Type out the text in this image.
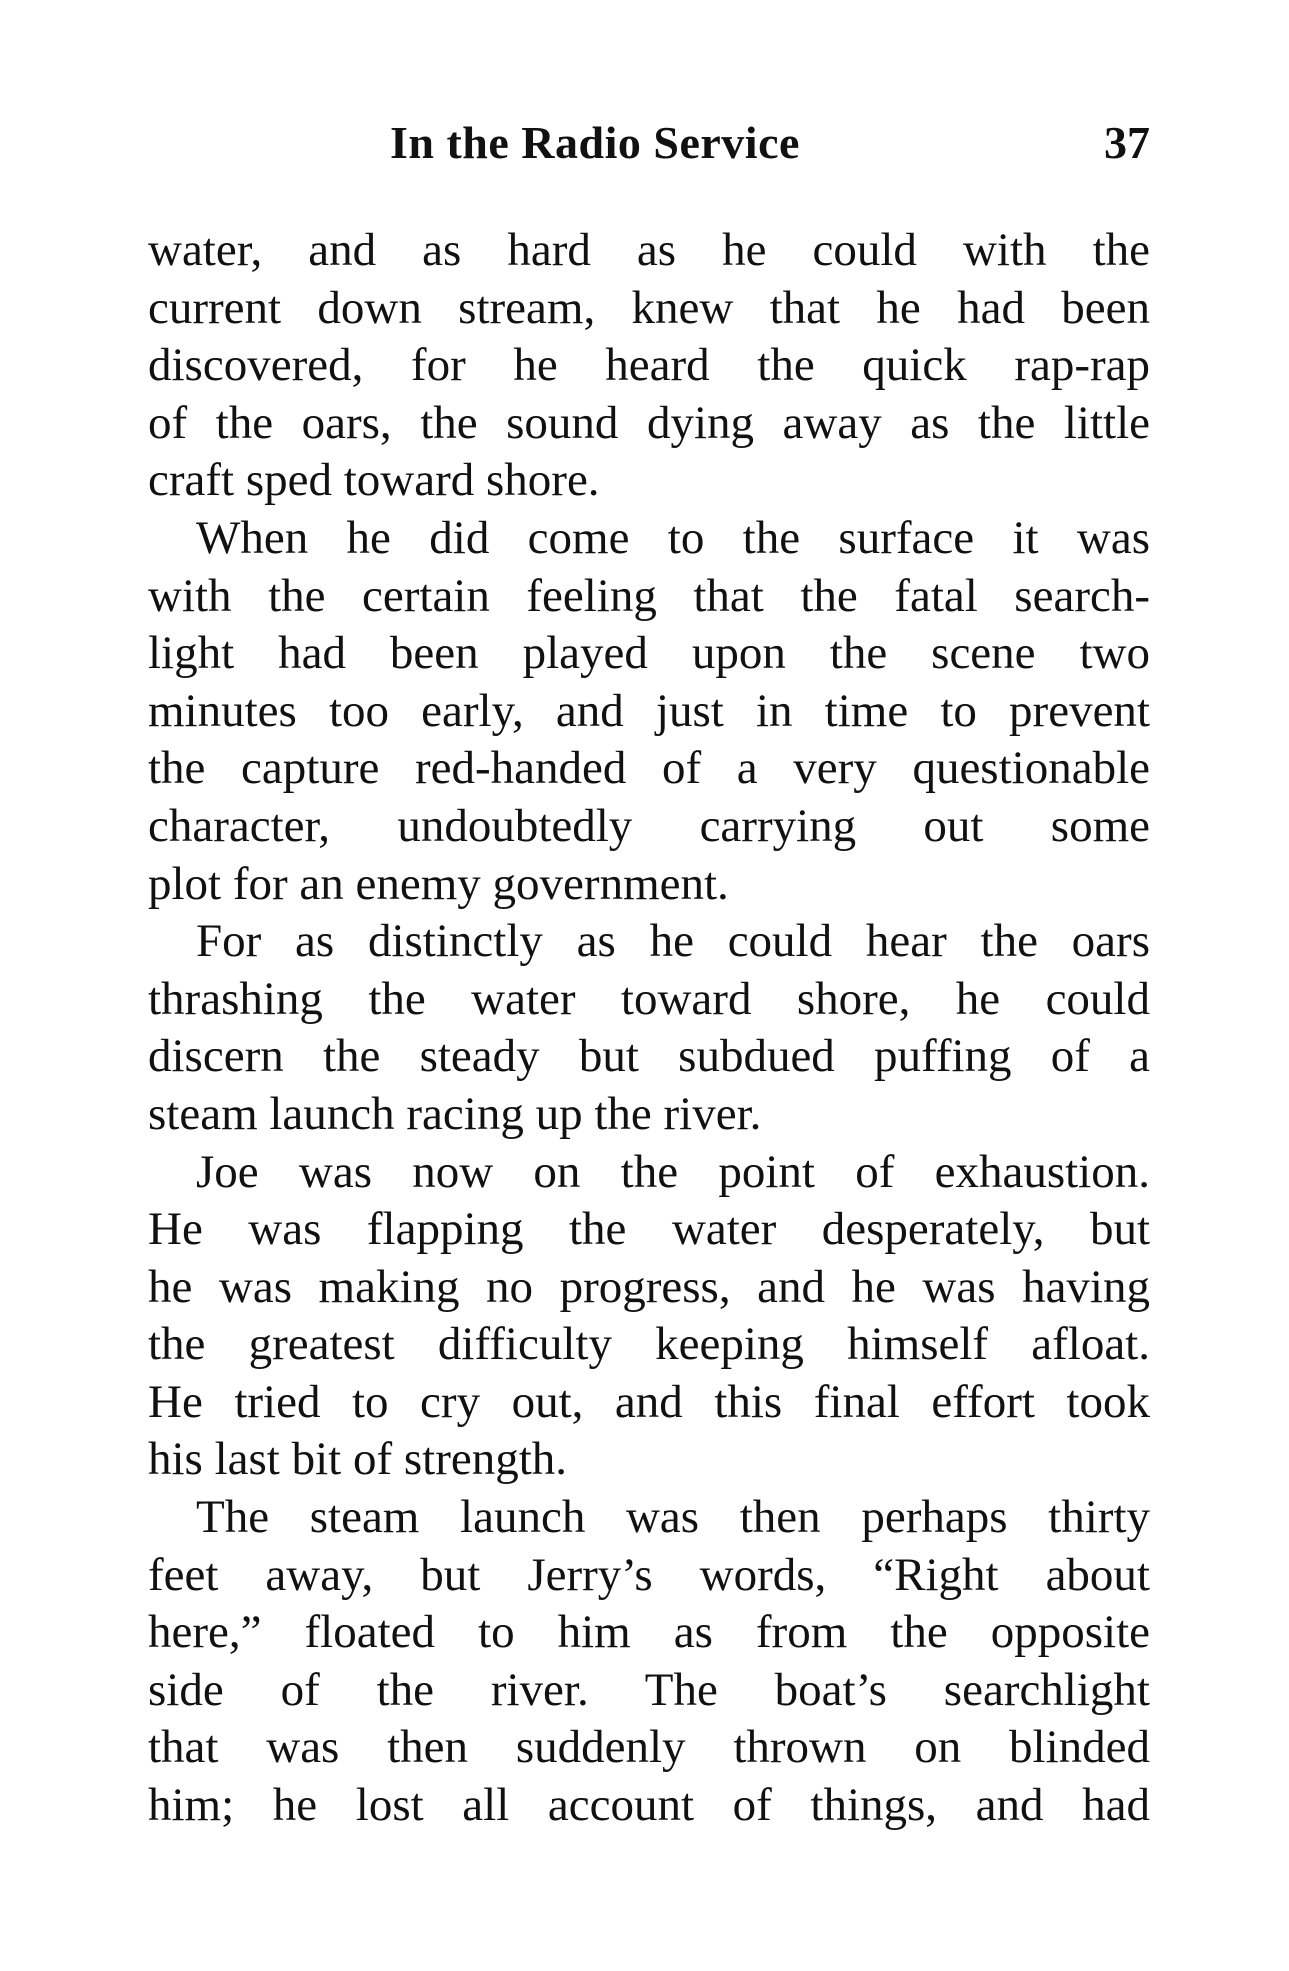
In the Radio Service	37
water, and as hard as he could with the
current down stream, knew that he had been
discovered, for he heard the quick rap-rap
of the oars, the sound dying away as the little
craft sped toward shore.
When he did come to the surface it was
with the certain feeling that the fatal search-
light had been played upon the scene two
minutes too early, and just in time to prevent
the capture red-handed of a very questionable
character, undoubtedly carrying out some
plot for an enemy government.
For as distinctly as he could hear the oars
thrashing the water toward shore, he could
discern the steady but subdued puffing of a
steam launch racing up the river.
Joe was now on the point of exhaustion.
He was flapping the water desperately, but
he was making no progress, and he was having
the greatest difficulty keeping himself afloat.
He tried to cry out, and this final effort took
his last bit of strength.
The steam launch was then perhaps thirty
feet away, but Jerry’s words, “Right about
here,” floated to him as from the opposite
side of the river. The boat’s searchlight
that was then suddenly thrown on blinded
him; he lost all account of things, and had
